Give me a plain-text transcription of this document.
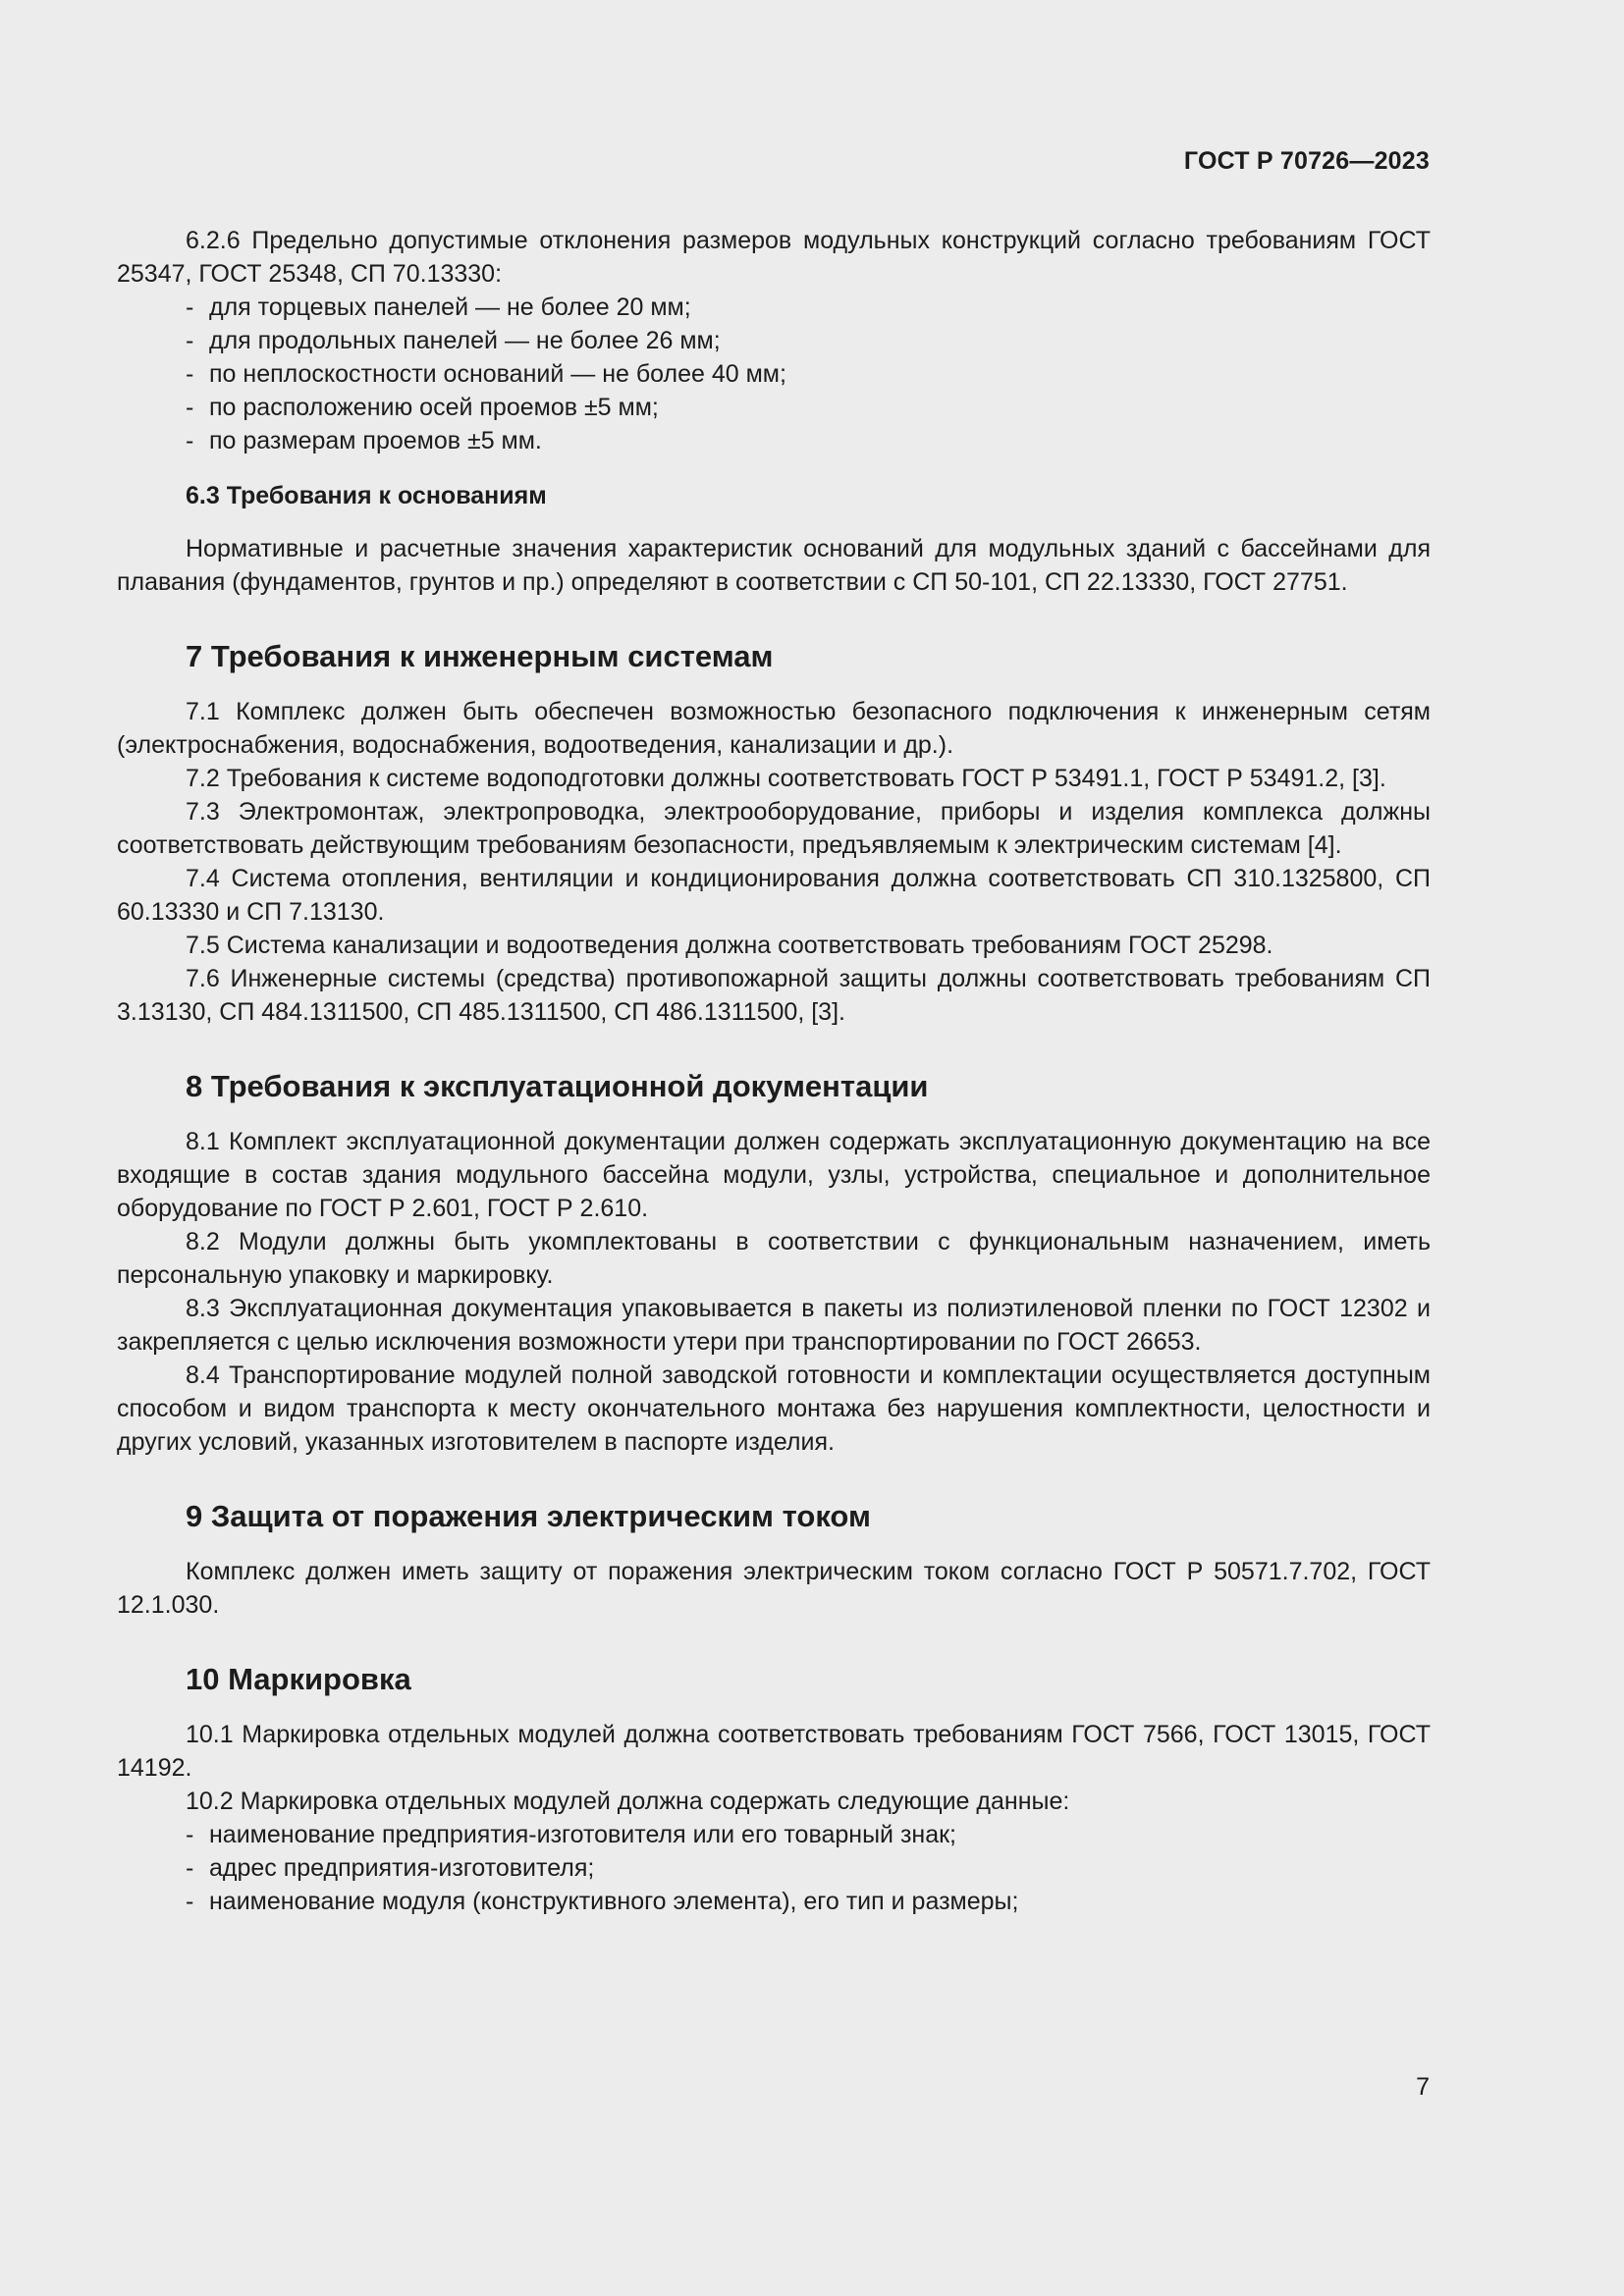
ГОСТ Р 70726—2023

6.2.6 Предельно допустимые отклонения размеров модульных конструкций согласно требованиям ГОСТ 25347, ГОСТ 25348, СП 70.13330:

- для торцевых панелей — не более 20 мм;
- для продольных панелей — не более 26 мм;
- по неплоскостности оснований — не более 40 мм;
- по расположению осей проемов ±5 мм;
- по размерам проемов ±5 мм.
6.3 Требования к основаниям

Нормативные и расчетные значения характеристик оснований для модульных зданий с бассейнами для плавания (фундаментов, грунтов и пр.) определяют в соответствии с СП 50-101, СП 22.13330, ГОСТ 27751.

7 Требования к инженерным системам

7.1 Комплекс должен быть обеспечен возможностью безопасного подключения к инженерным сетям (электроснабжения, водоснабжения, водоотведения, канализации и др.).

7.2 Требования к системе водоподготовки должны соответствовать ГОСТ Р 53491.1, ГОСТ Р 53491.2, [3].

7.3 Электромонтаж, электропроводка, электрооборудование, приборы и изделия комплекса должны соответствовать действующим требованиям безопасности, предъявляемым к электрическим системам [4].

7.4 Система отопления, вентиляции и кондиционирования должна соответствовать СП 310.1325800, СП 60.13330 и СП 7.13130.

7.5 Система канализации и водоотведения должна соответствовать требованиям ГОСТ 25298.

7.6 Инженерные системы (средства) противопожарной защиты должны соответствовать требованиям СП 3.13130, СП 484.1311500, СП 485.1311500, СП 486.1311500, [3].

8 Требования к эксплуатационной документации

8.1 Комплект эксплуатационной документации должен содержать эксплуатационную документацию на все входящие в состав здания модульного бассейна модули, узлы, устройства, специальное и дополнительное оборудование по ГОСТ Р 2.601, ГОСТ Р 2.610.

8.2 Модули должны быть укомплектованы в соответствии с функциональным назначением, иметь персональную упаковку и маркировку.

8.3 Эксплуатационная документация упаковывается в пакеты из полиэтиленовой пленки по ГОСТ 12302 и закрепляется с целью исключения возможности утери при транспортировании по ГОСТ 26653.

8.4 Транспортирование модулей полной заводской готовности и комплектации осуществляется доступным способом и видом транспорта к месту окончательного монтажа без нарушения комплектности, целостности и других условий, указанных изготовителем в паспорте изделия.

9 Защита от поражения электрическим током

Комплекс должен иметь защиту от поражения электрическим током согласно ГОСТ Р 50571.7.702, ГОСТ 12.1.030.

10 Маркировка

10.1 Маркировка отдельных модулей должна соответствовать требованиям ГОСТ 7566, ГОСТ 13015, ГОСТ 14192.

10.2 Маркировка отдельных модулей должна содержать следующие данные:

- наименование предприятия-изготовителя или его товарный знак;
- адрес предприятия-изготовителя;
- наименование модуля (конструктивного элемента), его тип и размеры;
7
